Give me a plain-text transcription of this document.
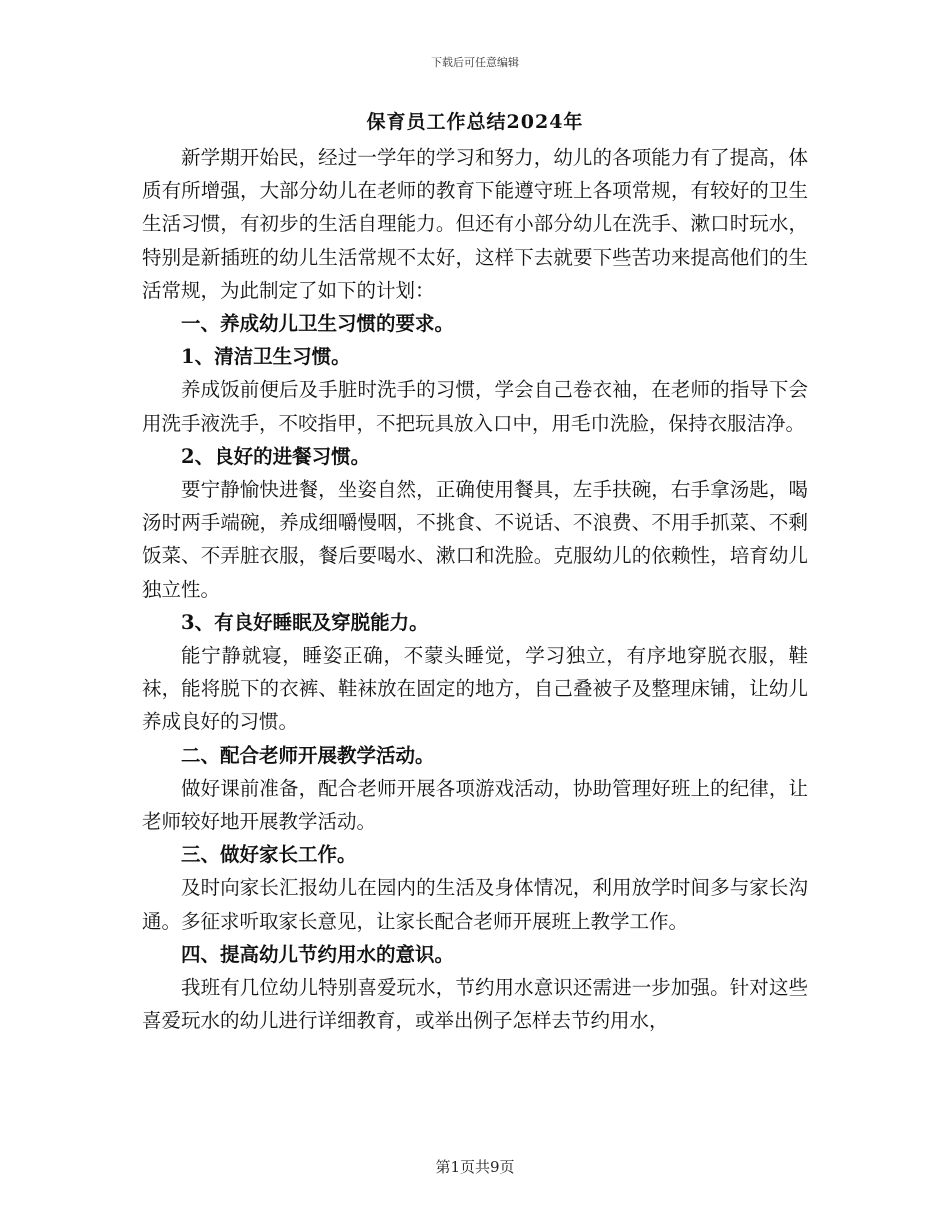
下载后可任意编辑
保育员工作总结2024年

新学期开始民，经过一学年的学习和努力，幼儿的各项能力有了提高，体质有所增强，大部分幼儿在老师的教育下能遵守班上各项常规，有较好的卫生生活习惯，有初步的生活自理能力。但还有小部分幼儿在洗手、漱口时玩水，特别是新插班的幼儿生活常规不太好，这样下去就要下些苦功来提高他们的生活常规，为此制定了如下的计划：

一、养成幼儿卫生习惯的要求。

1、清洁卫生习惯。

养成饭前便后及手脏时洗手的习惯，学会自己卷衣袖，在老师的指导下会用洗手液洗手，不咬指甲，不把玩具放入口中，用毛巾洗脸，保持衣服洁净。

2、良好的进餐习惯。

要宁静愉快进餐，坐姿自然，正确使用餐具，左手扶碗，右手拿汤匙，喝汤时两手端碗，养成细嚼慢咽，不挑食、不说话、不浪费、不用手抓菜、不剩饭菜、不弄脏衣服，餐后要喝水、漱口和洗脸。克服幼儿的依赖性，培育幼儿独立性。

3、有良好睡眠及穿脱能力。

能宁静就寝，睡姿正确，不蒙头睡觉，学习独立，有序地穿脱衣服，鞋袜，能将脱下的衣裤、鞋袜放在固定的地方，自己叠被子及整理床铺，让幼儿养成良好的习惯。

二、配合老师开展教学活动。

做好课前准备，配合老师开展各项游戏活动，协助管理好班上的纪律，让老师较好地开展教学活动。

三、做好家长工作。

及时向家长汇报幼儿在园内的生活及身体情况，利用放学时间多与家长沟通。多征求听取家长意见，让家长配合老师开展班上教学工作。

四、提高幼儿节约用水的意识。

我班有几位幼儿特别喜爱玩水，节约用水意识还需进一步加强。针对这些喜爱玩水的幼儿进行详细教育，或举出例子怎样去节约用水，

第1页共9页
